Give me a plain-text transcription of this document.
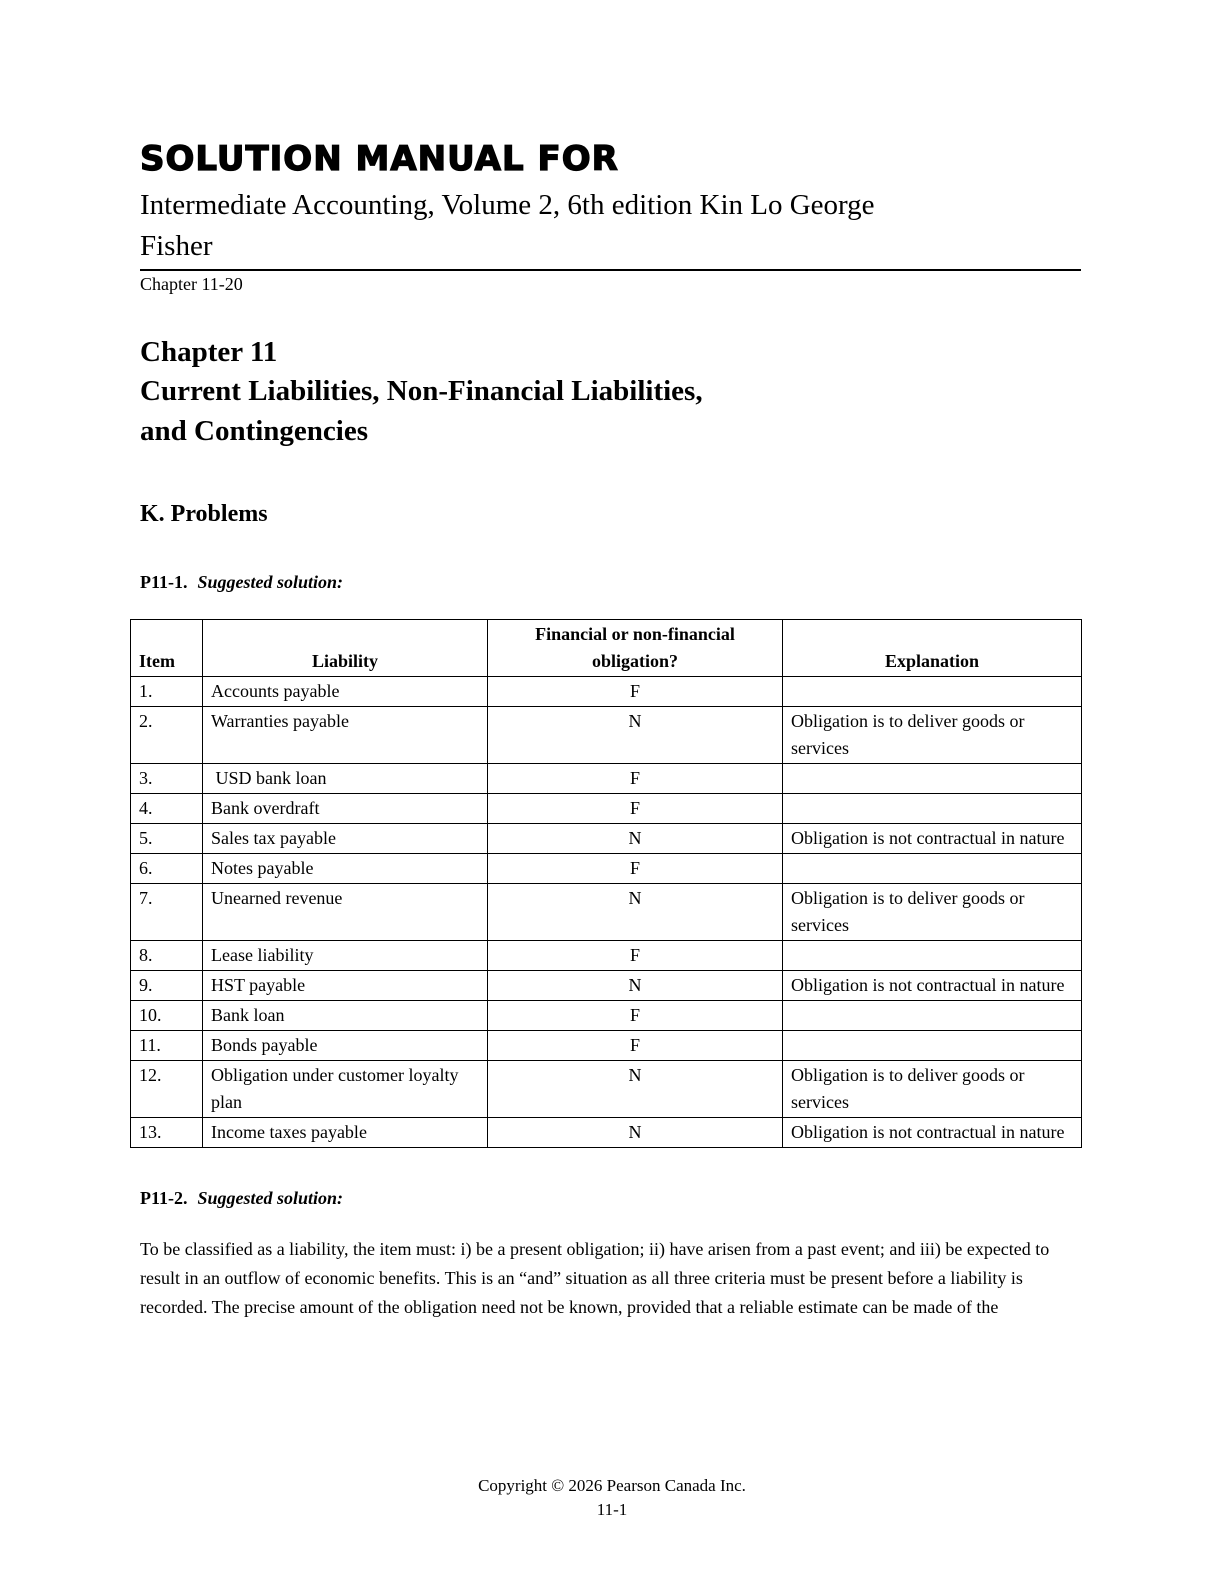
SOLUTION MANUAL FOR
Intermediate Accounting, Volume 2, 6th edition Kin Lo George
Fisher
Chapter 11-20
Chapter 11
Current Liabilities, Non-Financial Liabilities,
and Contingencies
K. Problems
P11-1. Suggested solution:
Item	Liability	Financial or non-financial obligation?	Explanation
1.	Accounts payable	F	
2.	Warranties payable	N	Obligation is to deliver goods or services
3.	USD bank loan	F	
4.	Bank overdraft	F	
5.	Sales tax payable	N	Obligation is not contractual in nature
6.	Notes payable	F	
7.	Unearned revenue	N	Obligation is to deliver goods or services
8.	Lease liability	F	
9.	HST payable	N	Obligation is not contractual in nature
10.	Bank loan	F	
11.	Bonds payable	F	
12.	Obligation under customer loyalty plan	N	Obligation is to deliver goods or services
13.	Income taxes payable	N	Obligation is not contractual in nature
P11-2. Suggested solution:
To be classified as a liability, the item must: i) be a present obligation; ii) have arisen from a past event; and iii) be expected to result in an outflow of economic benefits. This is an “and” situation as all three criteria must be present before a liability is recorded. The precise amount of the obligation need not be known, provided that a reliable estimate can be made of the
Copyright © 2026 Pearson Canada Inc.
11-1
